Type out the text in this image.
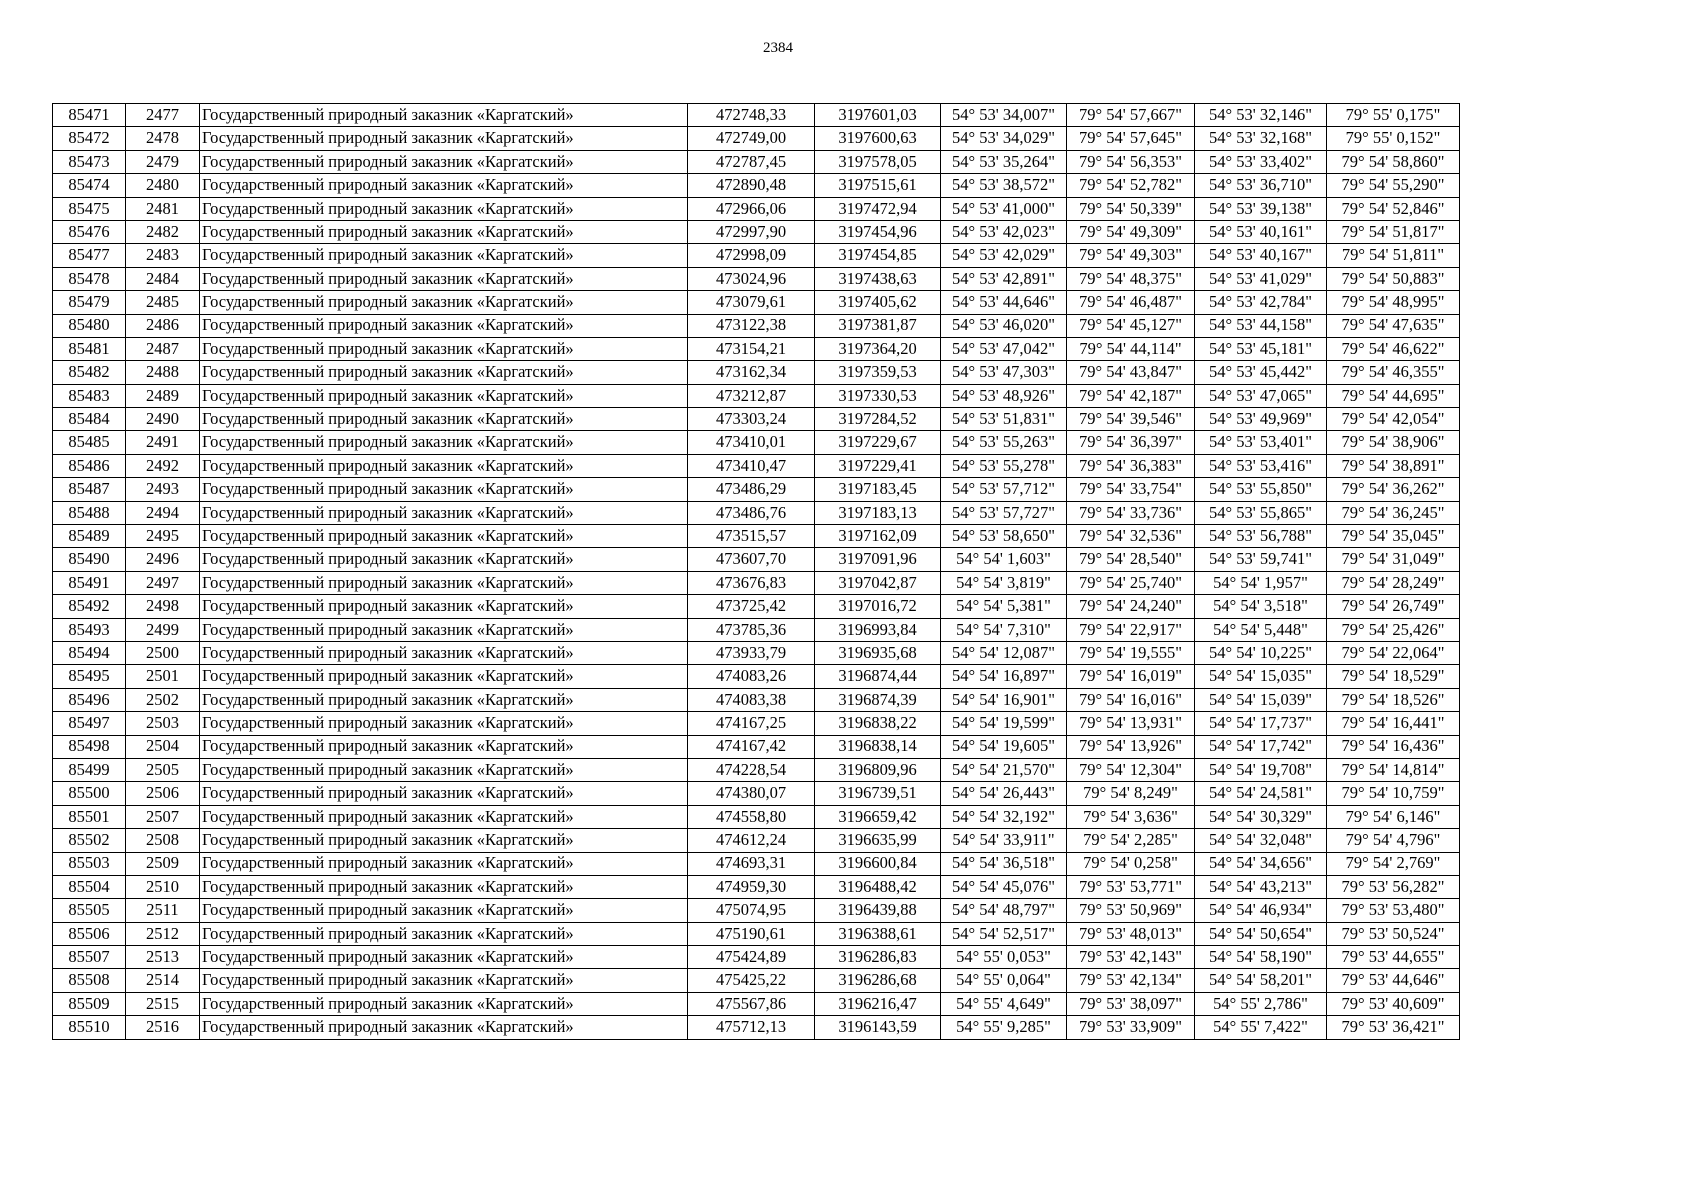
2384
85471	2477	Государственный природный заказник «Каргатский»	472748,33	3197601,03	54° 53' 34,007"	79° 54' 57,667"	54° 53' 32,146"	79° 55' 0,175"
85472	2478	Государственный природный заказник «Каргатский»	472749,00	3197600,63	54° 53' 34,029"	79° 54' 57,645"	54° 53' 32,168"	79° 55' 0,152"
85473	2479	Государственный природный заказник «Каргатский»	472787,45	3197578,05	54° 53' 35,264"	79° 54' 56,353"	54° 53' 33,402"	79° 54' 58,860"
85474	2480	Государственный природный заказник «Каргатский»	472890,48	3197515,61	54° 53' 38,572"	79° 54' 52,782"	54° 53' 36,710"	79° 54' 55,290"
85475	2481	Государственный природный заказник «Каргатский»	472966,06	3197472,94	54° 53' 41,000"	79° 54' 50,339"	54° 53' 39,138"	79° 54' 52,846"
85476	2482	Государственный природный заказник «Каргатский»	472997,90	3197454,96	54° 53' 42,023"	79° 54' 49,309"	54° 53' 40,161"	79° 54' 51,817"
85477	2483	Государственный природный заказник «Каргатский»	472998,09	3197454,85	54° 53' 42,029"	79° 54' 49,303"	54° 53' 40,167"	79° 54' 51,811"
85478	2484	Государственный природный заказник «Каргатский»	473024,96	3197438,63	54° 53' 42,891"	79° 54' 48,375"	54° 53' 41,029"	79° 54' 50,883"
85479	2485	Государственный природный заказник «Каргатский»	473079,61	3197405,62	54° 53' 44,646"	79° 54' 46,487"	54° 53' 42,784"	79° 54' 48,995"
85480	2486	Государственный природный заказник «Каргатский»	473122,38	3197381,87	54° 53' 46,020"	79° 54' 45,127"	54° 53' 44,158"	79° 54' 47,635"
85481	2487	Государственный природный заказник «Каргатский»	473154,21	3197364,20	54° 53' 47,042"	79° 54' 44,114"	54° 53' 45,181"	79° 54' 46,622"
85482	2488	Государственный природный заказник «Каргатский»	473162,34	3197359,53	54° 53' 47,303"	79° 54' 43,847"	54° 53' 45,442"	79° 54' 46,355"
85483	2489	Государственный природный заказник «Каргатский»	473212,87	3197330,53	54° 53' 48,926"	79° 54' 42,187"	54° 53' 47,065"	79° 54' 44,695"
85484	2490	Государственный природный заказник «Каргатский»	473303,24	3197284,52	54° 53' 51,831"	79° 54' 39,546"	54° 53' 49,969"	79° 54' 42,054"
85485	2491	Государственный природный заказник «Каргатский»	473410,01	3197229,67	54° 53' 55,263"	79° 54' 36,397"	54° 53' 53,401"	79° 54' 38,906"
85486	2492	Государственный природный заказник «Каргатский»	473410,47	3197229,41	54° 53' 55,278"	79° 54' 36,383"	54° 53' 53,416"	79° 54' 38,891"
85487	2493	Государственный природный заказник «Каргатский»	473486,29	3197183,45	54° 53' 57,712"	79° 54' 33,754"	54° 53' 55,850"	79° 54' 36,262"
85488	2494	Государственный природный заказник «Каргатский»	473486,76	3197183,13	54° 53' 57,727"	79° 54' 33,736"	54° 53' 55,865"	79° 54' 36,245"
85489	2495	Государственный природный заказник «Каргатский»	473515,57	3197162,09	54° 53' 58,650"	79° 54' 32,536"	54° 53' 56,788"	79° 54' 35,045"
85490	2496	Государственный природный заказник «Каргатский»	473607,70	3197091,96	54° 54' 1,603"	79° 54' 28,540"	54° 53' 59,741"	79° 54' 31,049"
85491	2497	Государственный природный заказник «Каргатский»	473676,83	3197042,87	54° 54' 3,819"	79° 54' 25,740"	54° 54' 1,957"	79° 54' 28,249"
85492	2498	Государственный природный заказник «Каргатский»	473725,42	3197016,72	54° 54' 5,381"	79° 54' 24,240"	54° 54' 3,518"	79° 54' 26,749"
85493	2499	Государственный природный заказник «Каргатский»	473785,36	3196993,84	54° 54' 7,310"	79° 54' 22,917"	54° 54' 5,448"	79° 54' 25,426"
85494	2500	Государственный природный заказник «Каргатский»	473933,79	3196935,68	54° 54' 12,087"	79° 54' 19,555"	54° 54' 10,225"	79° 54' 22,064"
85495	2501	Государственный природный заказник «Каргатский»	474083,26	3196874,44	54° 54' 16,897"	79° 54' 16,019"	54° 54' 15,035"	79° 54' 18,529"
85496	2502	Государственный природный заказник «Каргатский»	474083,38	3196874,39	54° 54' 16,901"	79° 54' 16,016"	54° 54' 15,039"	79° 54' 18,526"
85497	2503	Государственный природный заказник «Каргатский»	474167,25	3196838,22	54° 54' 19,599"	79° 54' 13,931"	54° 54' 17,737"	79° 54' 16,441"
85498	2504	Государственный природный заказник «Каргатский»	474167,42	3196838,14	54° 54' 19,605"	79° 54' 13,926"	54° 54' 17,742"	79° 54' 16,436"
85499	2505	Государственный природный заказник «Каргатский»	474228,54	3196809,96	54° 54' 21,570"	79° 54' 12,304"	54° 54' 19,708"	79° 54' 14,814"
85500	2506	Государственный природный заказник «Каргатский»	474380,07	3196739,51	54° 54' 26,443"	79° 54' 8,249"	54° 54' 24,581"	79° 54' 10,759"
85501	2507	Государственный природный заказник «Каргатский»	474558,80	3196659,42	54° 54' 32,192"	79° 54' 3,636"	54° 54' 30,329"	79° 54' 6,146"
85502	2508	Государственный природный заказник «Каргатский»	474612,24	3196635,99	54° 54' 33,911"	79° 54' 2,285"	54° 54' 32,048"	79° 54' 4,796"
85503	2509	Государственный природный заказник «Каргатский»	474693,31	3196600,84	54° 54' 36,518"	79° 54' 0,258"	54° 54' 34,656"	79° 54' 2,769"
85504	2510	Государственный природный заказник «Каргатский»	474959,30	3196488,42	54° 54' 45,076"	79° 53' 53,771"	54° 54' 43,213"	79° 53' 56,282"
85505	2511	Государственный природный заказник «Каргатский»	475074,95	3196439,88	54° 54' 48,797"	79° 53' 50,969"	54° 54' 46,934"	79° 53' 53,480"
85506	2512	Государственный природный заказник «Каргатский»	475190,61	3196388,61	54° 54' 52,517"	79° 53' 48,013"	54° 54' 50,654"	79° 53' 50,524"
85507	2513	Государственный природный заказник «Каргатский»	475424,89	3196286,83	54° 55' 0,053"	79° 53' 42,143"	54° 54' 58,190"	79° 53' 44,655"
85508	2514	Государственный природный заказник «Каргатский»	475425,22	3196286,68	54° 55' 0,064"	79° 53' 42,134"	54° 54' 58,201"	79° 53' 44,646"
85509	2515	Государственный природный заказник «Каргатский»	475567,86	3196216,47	54° 55' 4,649"	79° 53' 38,097"	54° 55' 2,786"	79° 53' 40,609"
85510	2516	Государственный природный заказник «Каргатский»	475712,13	3196143,59	54° 55' 9,285"	79° 53' 33,909"	54° 55' 7,422"	79° 53' 36,421"
